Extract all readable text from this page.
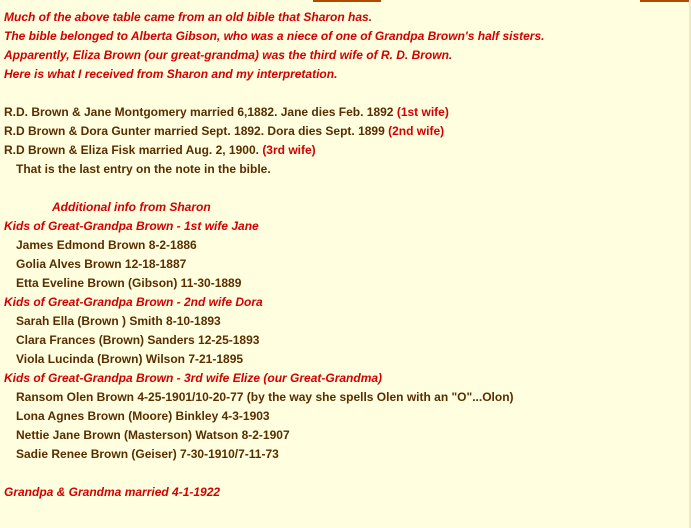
Much of the above table came from an old bible that Sharon has.
The bible belonged to Alberta Gibson, who was a niece of one of Grandpa Brown's half sisters.
Apparently, Eliza Brown (our great-grandma) was the third wife of R. D. Brown.
Here is what I received from Sharon and my interpretation.
R.D. Brown & Jane Montgomery married 6,1882. Jane dies Feb. 1892 (1st wife)
R.D Brown & Dora Gunter married Sept. 1892. Dora dies Sept. 1899 (2nd wife)
R.D Brown & Eliza Fisk married Aug. 2, 1900. (3rd wife)
That is the last entry on the note in the bible.
Additional info from Sharon
Kids of Great-Grandpa Brown - 1st wife Jane
James Edmond Brown 8-2-1886
Golia Alves Brown 12-18-1887
Etta Eveline Brown (Gibson) 11-30-1889
Kids of Great-Grandpa Brown - 2nd wife Dora
Sarah Ella (Brown ) Smith 8-10-1893
Clara Frances (Brown) Sanders 12-25-1893
Viola Lucinda (Brown) Wilson 7-21-1895
Kids of Great-Grandpa Brown - 3rd wife Elize (our Great-Grandma)
Ransom Olen Brown 4-25-1901/10-20-77 (by the way she spells Olen with an "O"...Olon)
Lona Agnes Brown (Moore) Binkley 4-3-1903
Nettie Jane Brown (Masterson) Watson 8-2-1907
Sadie Renee Brown (Geiser) 7-30-1910/7-11-73
Grandpa & Grandma married 4-1-1922
